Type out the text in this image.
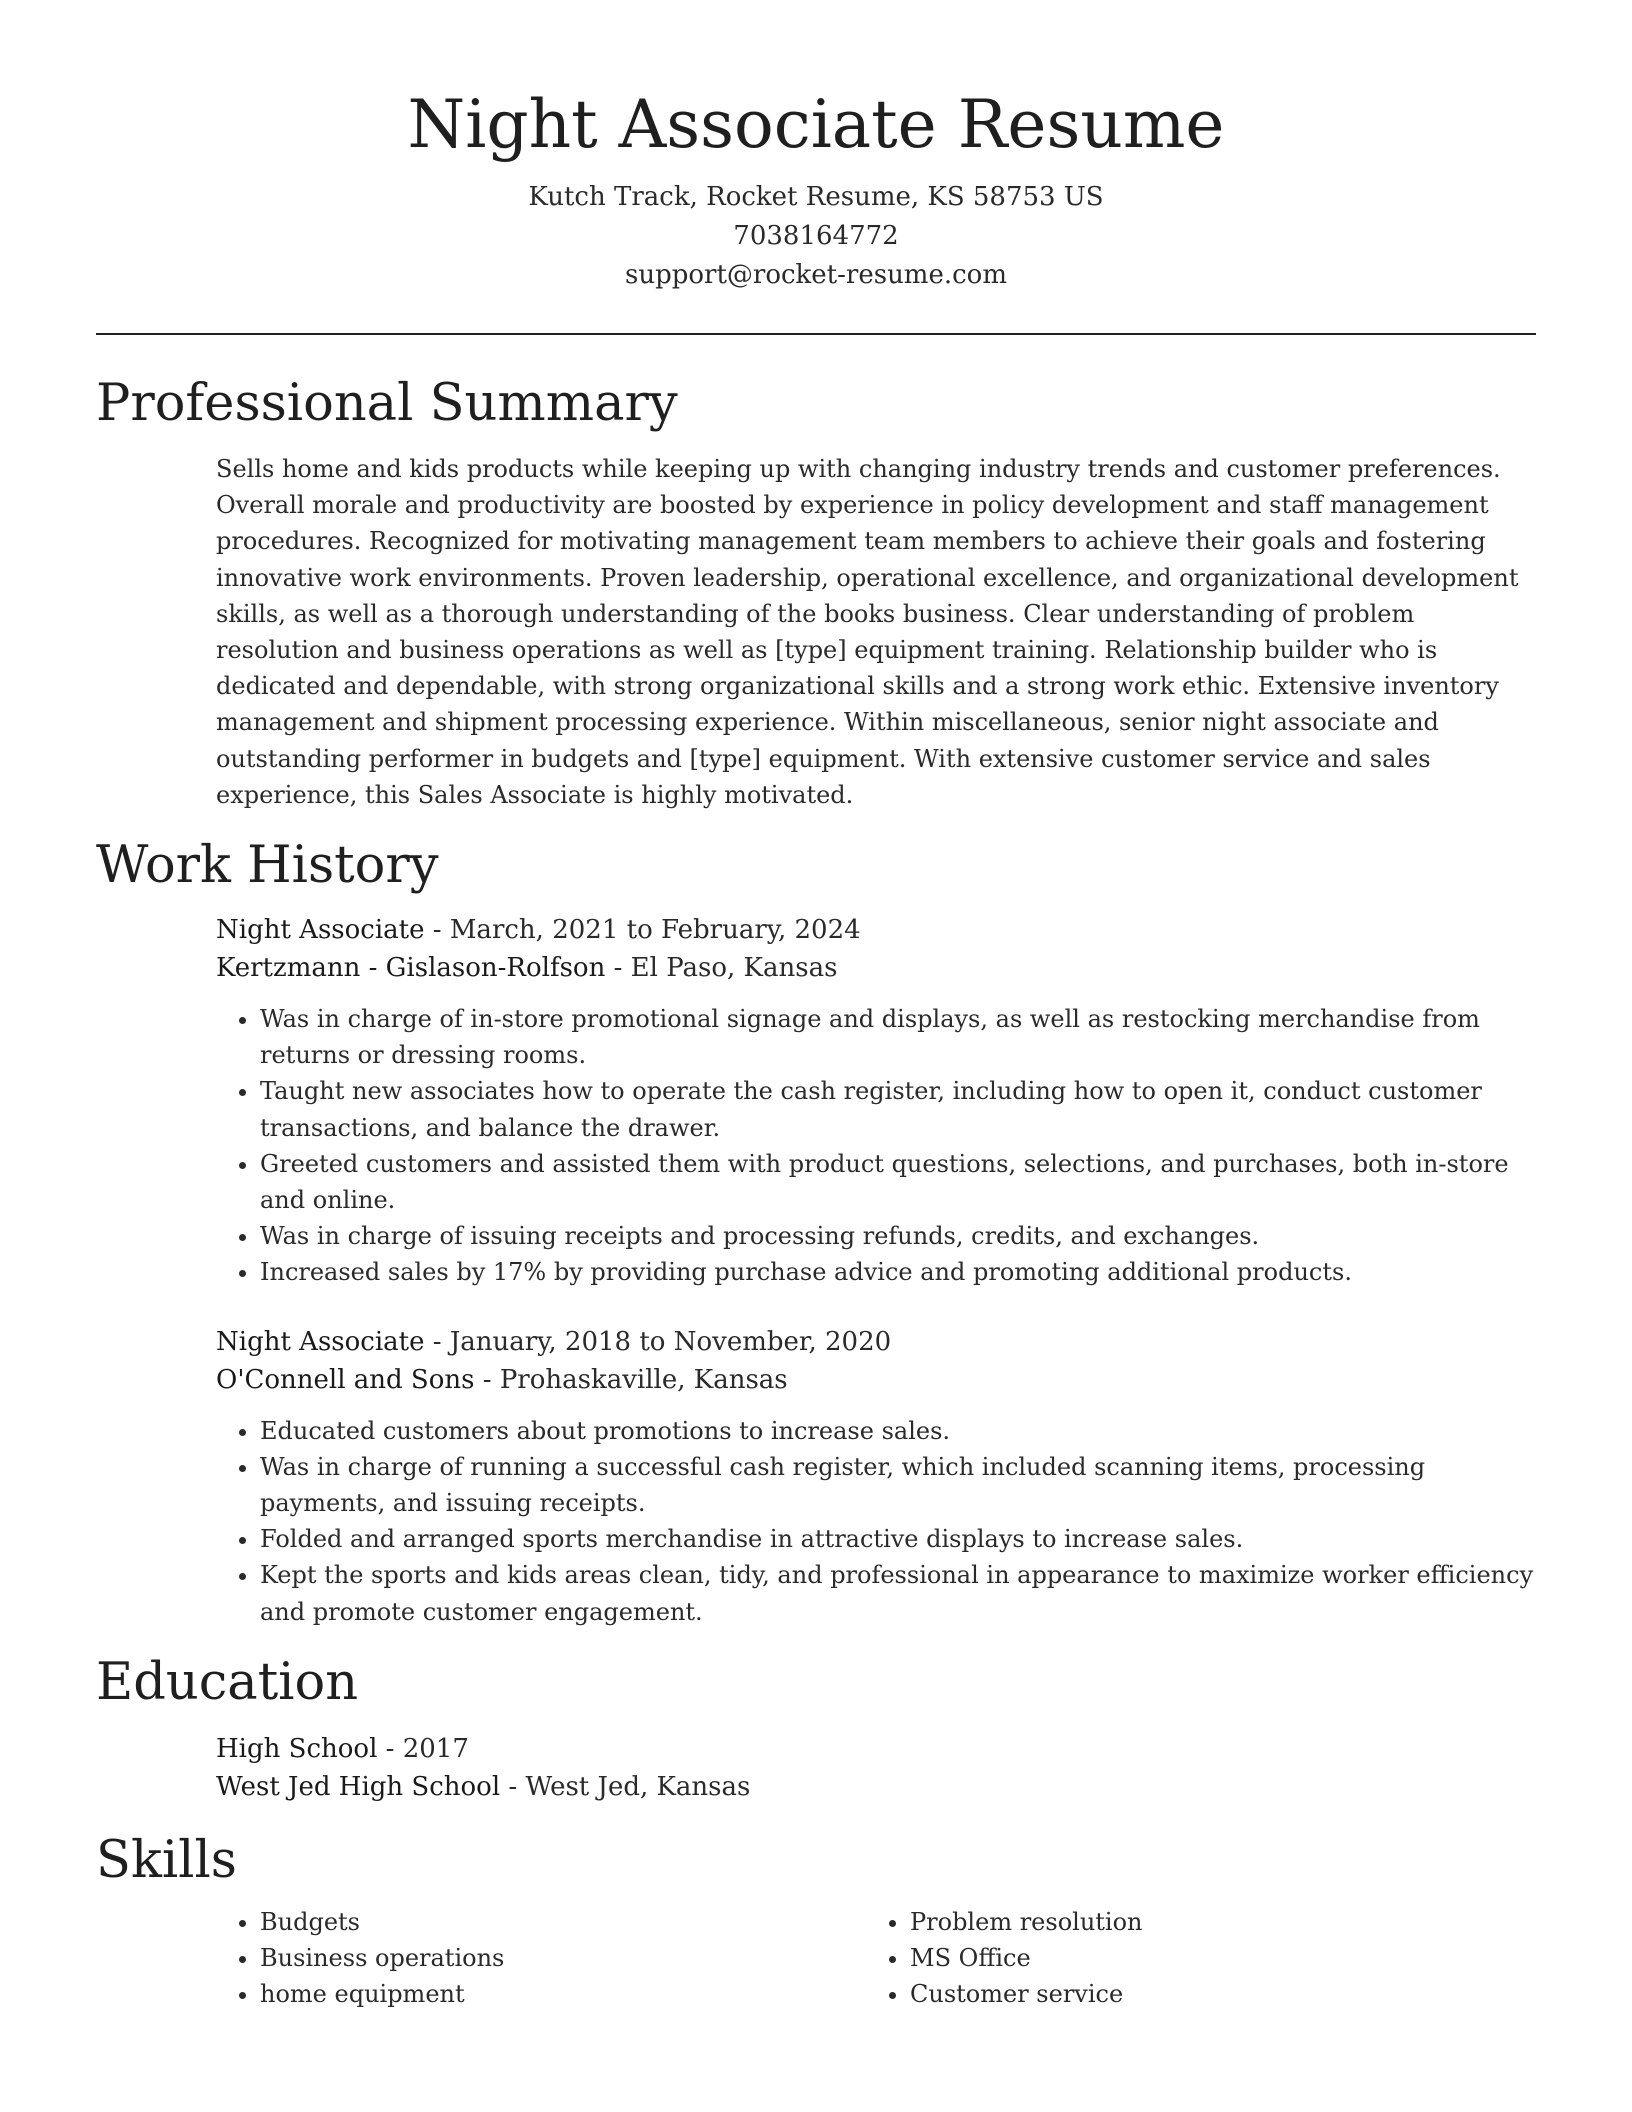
Night Associate Resume
Kutch Track, Rocket Resume, KS 58753 US
7038164772
support@rocket-resume.com
Professional Summary

Sells home and kids products while keeping up with changing industry trends and customer preferences. Overall morale and productivity are boosted by experience in policy development and staff management procedures. Recognized for motivating management team members to achieve their goals and fostering innovative work environments. Proven leadership, operational excellence, and organizational development skills, as well as a thorough understanding of the books business. Clear understanding of problem resolution and business operations as well as [type] equipment training. Relationship builder who is dedicated and dependable, with strong organizational skills and a strong work ethic. Extensive inventory management and shipment processing experience. Within miscellaneous, senior night associate and outstanding performer in budgets and [type] equipment. With extensive customer service and sales experience, this Sales Associate is highly motivated.

Work History
Night Associate - March, 2021 to February, 2024
Kertzmann - Gislason-Rolfson - El Paso, Kansas
• Was in charge of in-store promotional signage and displays, as well as restocking merchandise from returns or dressing rooms.
• Taught new associates how to operate the cash register, including how to open it, conduct customer transactions, and balance the drawer.
• Greeted customers and assisted them with product questions, selections, and purchases, both in-store and online.
• Was in charge of issuing receipts and processing refunds, credits, and exchanges.
• Increased sales by 17% by providing purchase advice and promoting additional products.
Night Associate - January, 2018 to November, 2020
O'Connell and Sons - Prohaskaville, Kansas
• Educated customers about promotions to increase sales.
• Was in charge of running a successful cash register, which included scanning items, processing payments, and issuing receipts.
• Folded and arranged sports merchandise in attractive displays to increase sales.
• Kept the sports and kids areas clean, tidy, and professional in appearance to maximize worker efficiency and promote customer engagement.
Education
High School - 2017
West Jed High School - West Jed, Kansas
Skills
• Budgets
• Business operations
• home equipment
• Problem resolution
• MS Office
• Customer service
